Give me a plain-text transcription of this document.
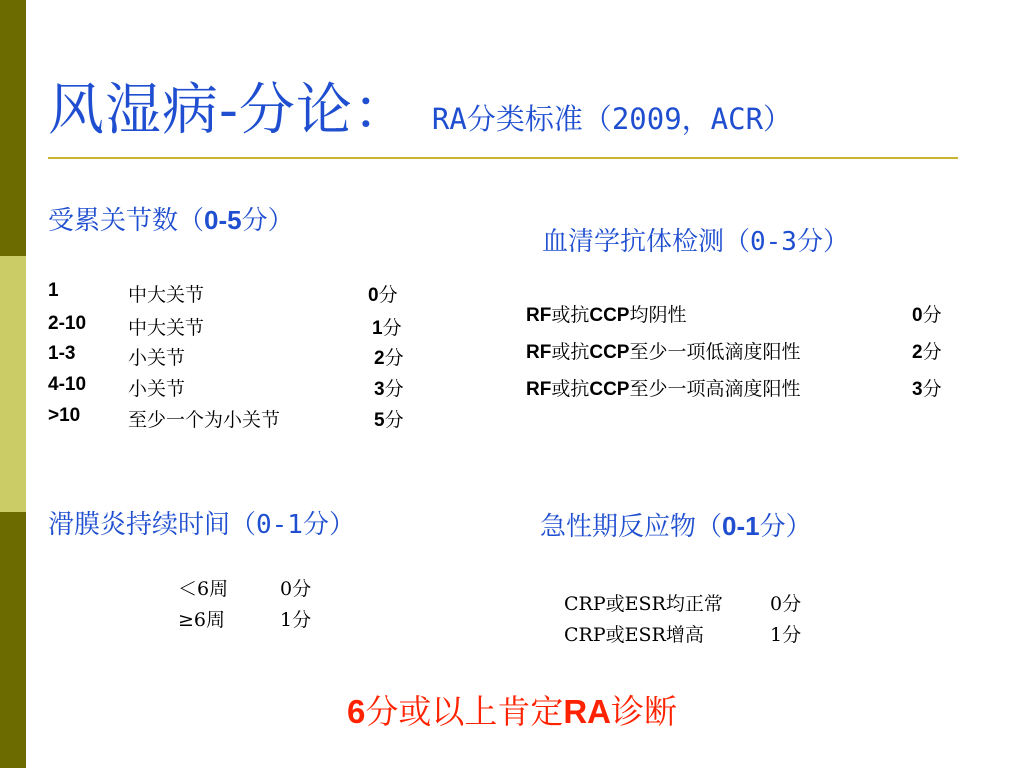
风湿病-分论： RA分类标准（2009，ACR）
受累关节数（0-5分）
1	中大关节	0分
2-10 中大关节	1分
1-3	小关节	2分
4-10 小关节	3分
>10	至少一个为小关节	5分
血清学抗体检测（0-3分）
RF或抗CCP均阴性	0分
RF或抗CCP至少一项低滴度阳性	2分
RF或抗CCP至少一项高滴度阳性	3分
滑膜炎持续时间（0-1分）
＜6周	0分
≥6周	1分
急性期反应物（0-1分）
CRP或ESR均正常 0分
CRP或ESR增高	1分
6分或以上肯定RA诊断
